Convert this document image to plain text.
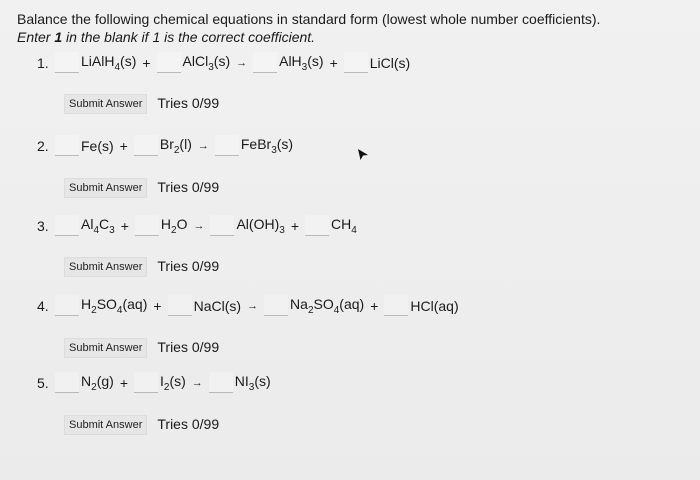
Balance the following chemical equations in standard form (lowest whole number coefficients).
Enter 1 in the blank if 1 is the correct coefficient.
1.	LiAlH$_4$(s) + AlCl$_3$(s) → AlH$_3$(s) + LiCl(s)
Submit Answer Tries 0/99
2.	$Fe(s) + Br_2(l)$ → FeBr$_3$(s)
Submit Answer Tries 0/99
3.	$Al_4C_3 + H_2O \to Al(OH)_3 + CH_4$
Submit Answer Tries 0/99
4.	$H_2SO_4(aq)$ + NaCl(s) → $Na_2SO_4(aq) + HCl(aq)$
Submit Answer Tries 0/99
5.	$N_2(g) + I_2(s) \to NI_3(s)$
Submit Answer Tries 0/99
